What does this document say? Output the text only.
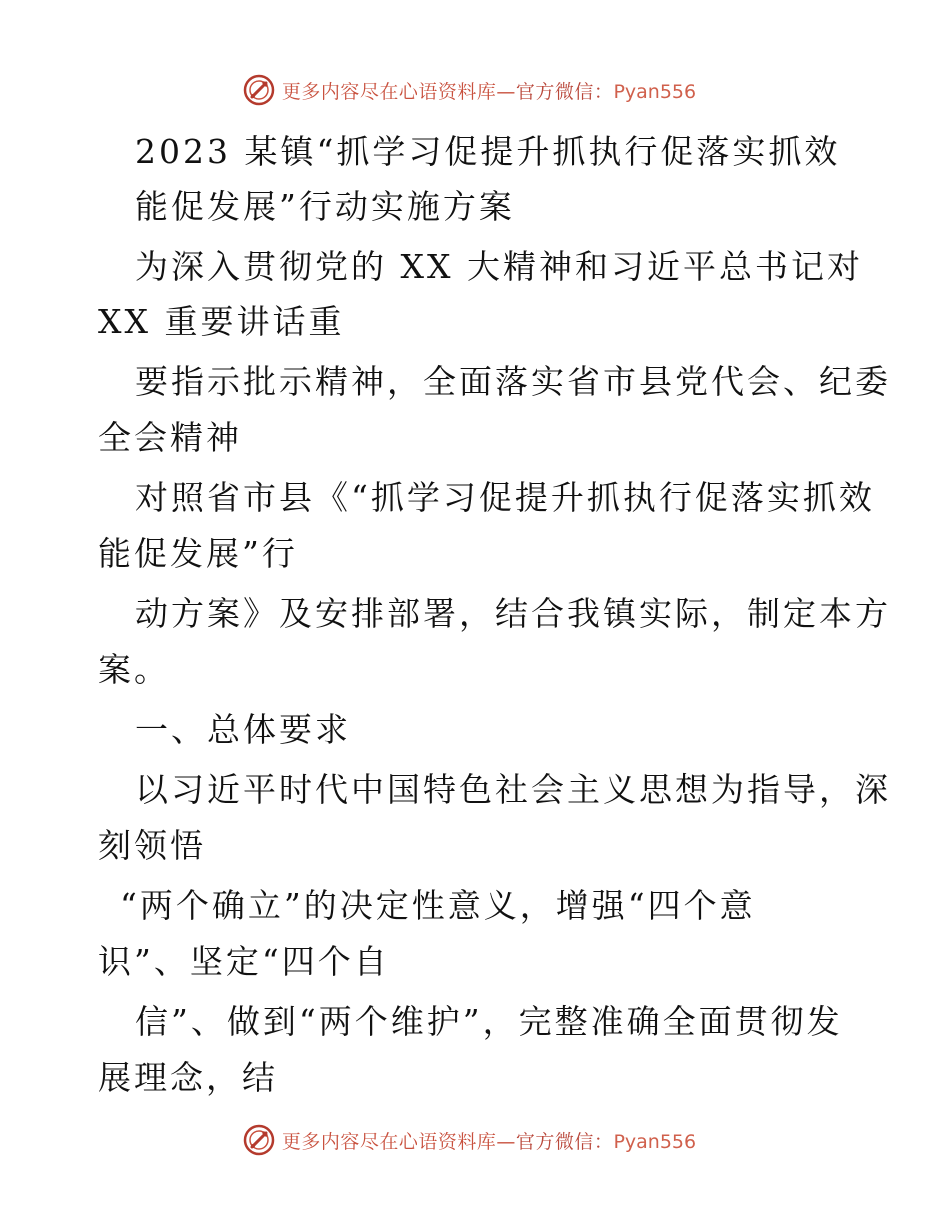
更多内容尽在心语资料库—官方微信：Pyan556
2023 某镇“抓学习促提升抓执行促落实抓效
能促发展”行动实施方案
为深入贯彻党的 XX 大精神和习近平总书记对
XX 重要讲话重
要指示批示精神，全面落实省市县党代会、纪委
全会精神
对照省市县《“抓学习促提升抓执行促落实抓效
能促发展”行
动方案》及安排部署，结合我镇实际，制定本方
案。
一、总体要求
以习近平时代中国特色社会主义思想为指导，深
刻领悟
“两个确立”的决定性意义，增强“四个意
识”、坚定“四个自
信”、做到“两个维护”，完整准确全面贯彻发
展理念，结
更多内容尽在心语资料库—官方微信：Pyan556
